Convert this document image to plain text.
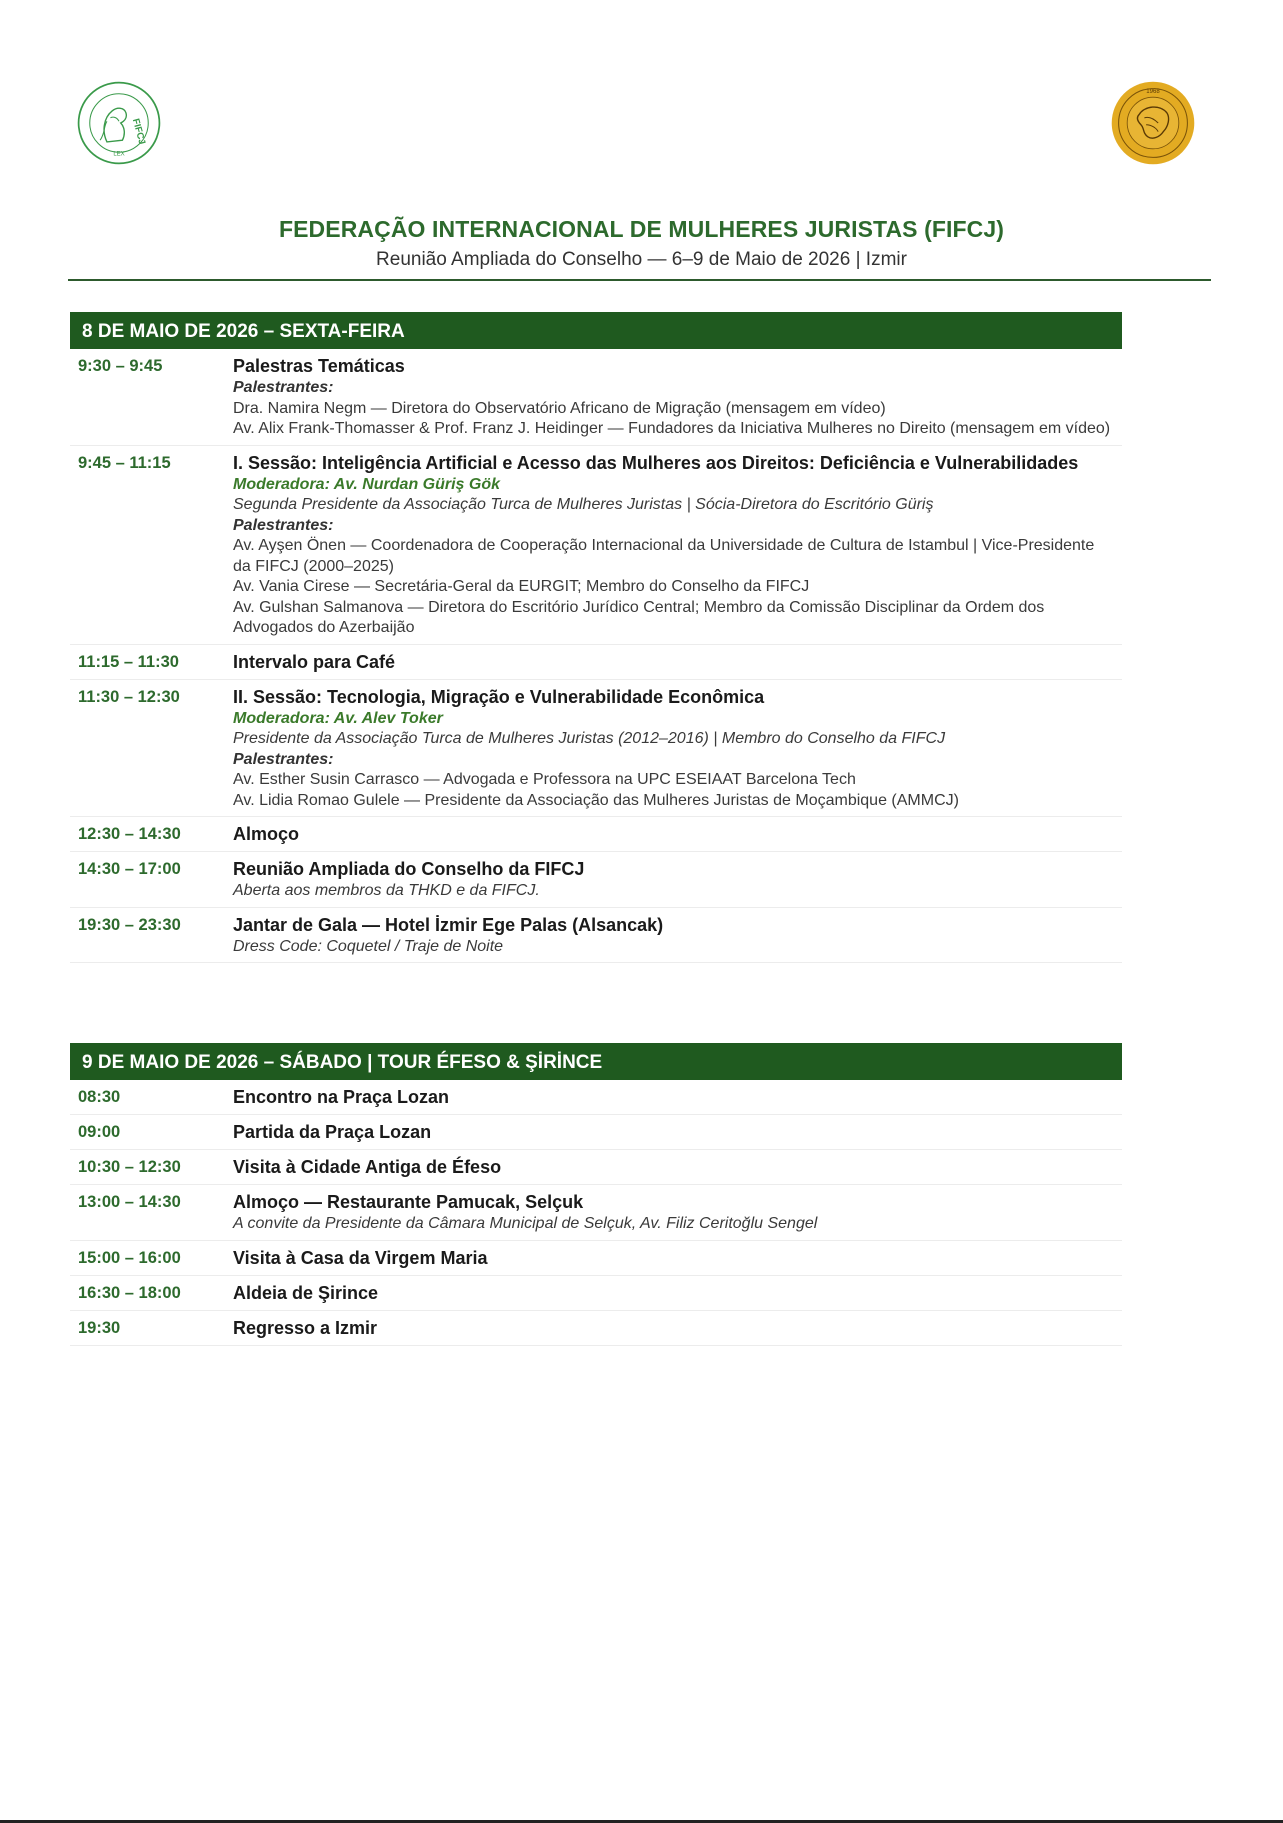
FIFCJ
LEX
1968
FEDERAÇÃO INTERNACIONAL DE MULHERES JURISTAS (FIFCJ)
Reunião Ampliada do Conselho — 6–9 de Maio de 2026 | Izmir
8 DE MAIO DE 2026 – SEXTA-FEIRA
9:30 – 9:45	Palestras Temáticas
Palestrantes:
Dra. Namira Negm — Diretora do Observatório Africano de Migração (mensagem em vídeo)
Av. Alix Frank-Thomasser & Prof. Franz J. Heidinger — Fundadores da Iniciativa Mulheres no Direito (mensagem em vídeo)
9:45 – 11:15	I. Sessão: Inteligência Artificial e Acesso das Mulheres aos Direitos: Deficiência e Vulnerabilidades
Moderadora: Av. Nurdan Güriş Gök
Segunda Presidente da Associação Turca de Mulheres Juristas | Sócia-Diretora do Escritório Güriş
Palestrantes:
Av. Ayşen Önen — Coordenadora de Cooperação Internacional da Universidade de Cultura de Istambul | Vice-Presidente da FIFCJ (2000–2025)
Av. Vania Cirese — Secretária-Geral da EURGIT; Membro do Conselho da FIFCJ
Av. Gulshan Salmanova — Diretora do Escritório Jurídico Central; Membro da Comissão Disciplinar da Ordem dos Advogados do Azerbaijão
11:15 – 11:30	Intervalo para Café
11:30 – 12:30	II. Sessão: Tecnologia, Migração e Vulnerabilidade Econômica
Moderadora: Av. Alev Toker
Presidente da Associação Turca de Mulheres Juristas (2012–2016) | Membro do Conselho da FIFCJ
Palestrantes:
Av. Esther Susin Carrasco — Advogada e Professora na UPC ESEIAAT Barcelona Tech
Av. Lidia Romao Gulele — Presidente da Associação das Mulheres Juristas de Moçambique (AMMCJ)
12:30 – 14:30	Almoço
14:30 – 17:00	Reunião Ampliada do Conselho da FIFCJ
Aberta aos membros da THKD e da FIFCJ.
19:30 – 23:30	Jantar de Gala — Hotel İzmir Ege Palas (Alsancak)
Dress Code: Coquetel / Traje de Noite
9 DE MAIO DE 2026 – SÁBADO | TOUR ÉFESO & ŞİRİNCE
08:30	Encontro na Praça Lozan
09:00	Partida da Praça Lozan
10:30 – 12:30	Visita à Cidade Antiga de Éfeso
13:00 – 14:30	Almoço — Restaurante Pamucak, Selçuk
A convite da Presidente da Câmara Municipal de Selçuk, Av. Filiz Ceritoğlu Sengel
15:00 – 16:00	Visita à Casa da Virgem Maria
16:30 – 18:00	Aldeia de Şirince
19:30	Regresso a Izmir
